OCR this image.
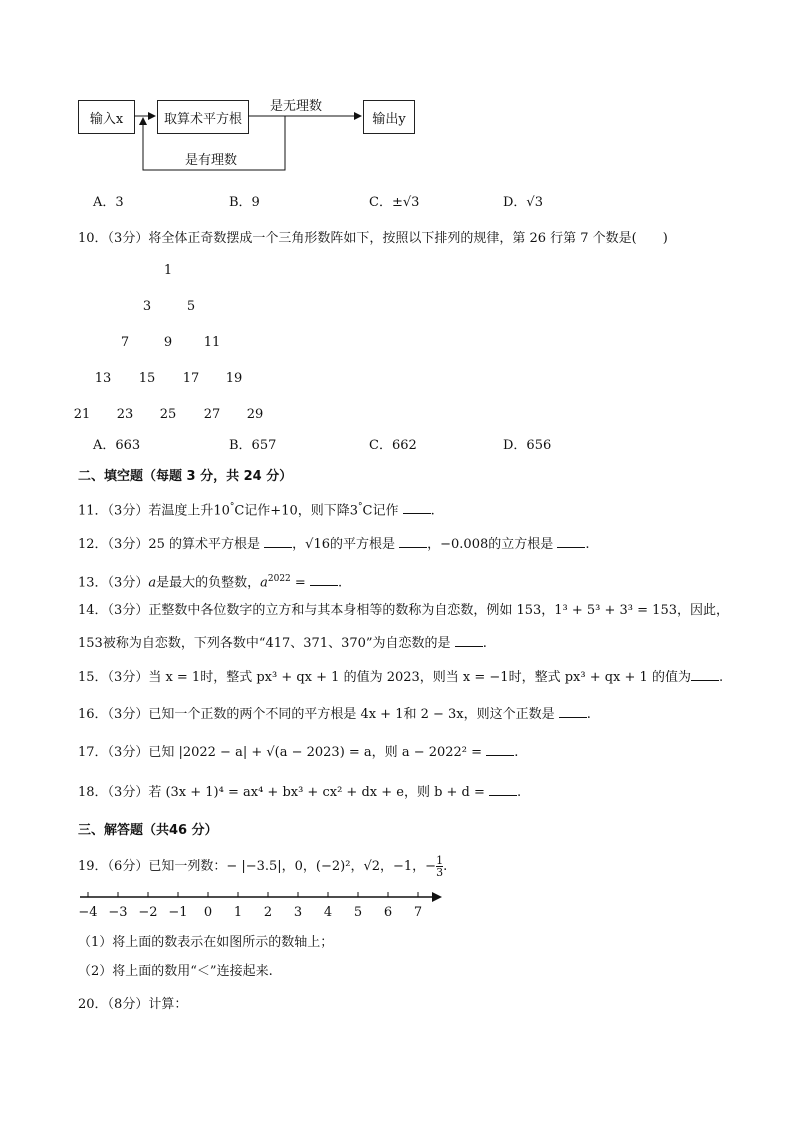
输入x	取算术平方根	输出y
是无理数
是有理数
A．3	B．9	C．±√3	D．√3
10．（3分）将全体正奇数摆成一个三角形数阵如下，按照以下排列的规律，第 26 行第 7 个数是(　　)
1
3	5
7	9	11
13	15	17	19
21	23	25	27	29
A．663	B．657	C．662	D．656
二、填空题（每题 3 分，共 24 分）
11．（3分）若温度上升10°C记作+10，则下降3°C记作 .
12．（3分）25 的算术平方根是 ，√16的平方根是 ，−0.008的立方根是 .
13．（3分）a是最大的负整数，$a^{2022}$ = .
14．（3分）正整数中各位数字的立方和与其本身相等的数称为自恋数，例如 153，1³ + 5³ + 3³ = 153，因此，
153被称为自恋数，下列各数中“417、371、370”为自恋数的是 .
15．（3分）当 x = 1时，整式 px³ + qx + 1 的值为 2023，则当 x = −1时，整式 px³ + qx + 1 的值为 .
16．（3分）已知一个正数的两个不同的平方根是 4x + 1和 2 − 3x，则这个正数是 .
17．（3分）已知 |2022 − a| + √(a − 2023) = a，则 a − 2022² = .
18．（3分）若 (3x + 1)⁴ = ax⁴ + bx³ + cx² + dx + e，则 b + d = .
三、解答题（共46 分）
19．（6分）已知一列数：− |−3.5|，0，(−2)²，√2，−1，− $\frac{1}{3}$ .
−4 −3 −2 −1	0	1	2	3	4	5	6	7
（1）将上面的数表示在如图所示的数轴上；
（2）将上面的数用“＜”连接起来.
20．（8分）计算：
